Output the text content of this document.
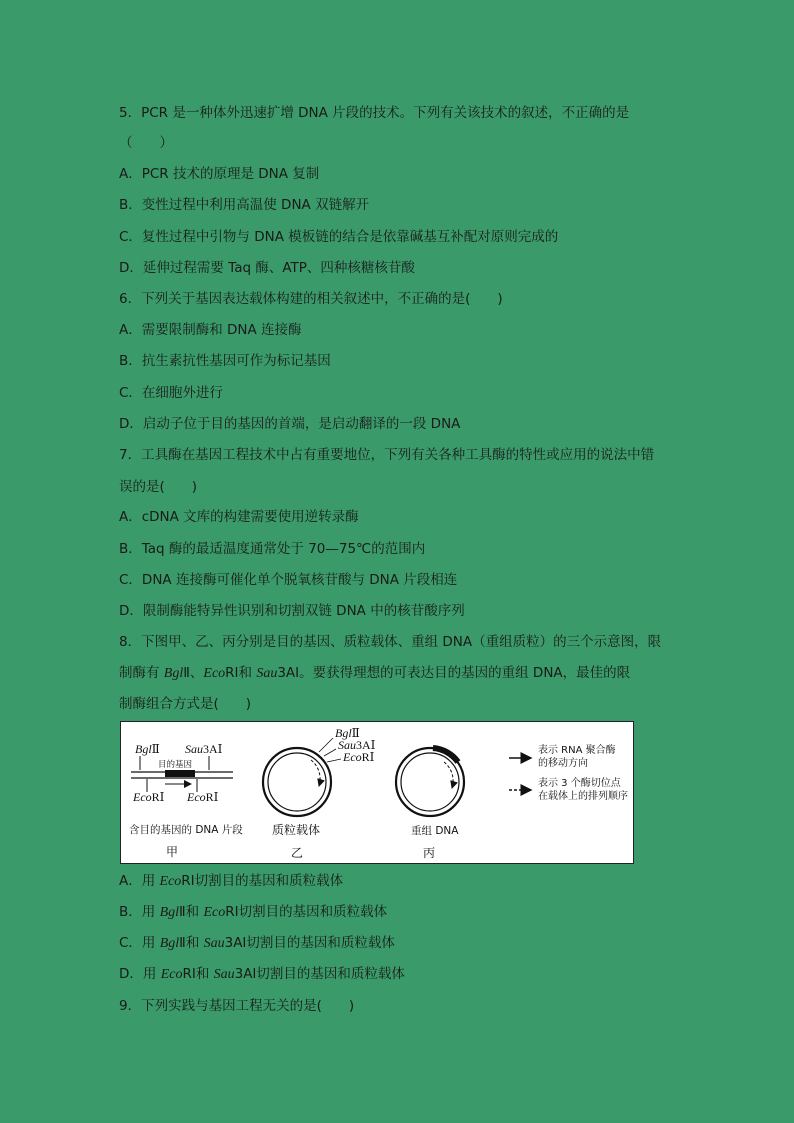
5．PCR 是一种体外迅速扩增 DNA 片段的技术。下列有关该技术的叙述，不正确的是
（　　）
A．PCR 技术的原理是 DNA 复制
B．变性过程中利用高温使 DNA 双链解开
C．复性过程中引物与 DNA 模板链的结合是依靠碱基互补配对原则完成的
D．延伸过程需要 Taq 酶、ATP、四种核糖核苷酸
6．下列关于基因表达载体构建的相关叙述中，不正确的是(　　)
A．需要限制酶和 DNA 连接酶
B．抗生素抗性基因可作为标记基因
C．在细胞外进行
D．启动子位于目的基因的首端，是启动翻译的一段 DNA
7．工具酶在基因工程技术中占有重要地位，下列有关各种工具酶的特性或应用的说法中错
误的是(　　)
A．cDNA 文库的构建需要使用逆转录酶
B．Taq 酶的最适温度通常处于 70—75℃的范围内
C．DNA 连接酶可催化单个脱氧核苷酸与 DNA 片段相连
D．限制酶能特异性识别和切割双链 DNA 中的核苷酸序列
8．下图甲、乙、丙分别是目的基因、质粒载体、重组 DNA（重组质粒）的三个示意图，限
制酶有 BglⅡ、EcoRⅠ和 Sau3AⅠ。要获得理想的可表达目的基因的重组 DNA，最佳的限
制酶组合方式是(　　)
BglⅡ Sau3AⅠ
目的基因
EcoRⅠ EcoRⅠ
含目的基因的 DNA 片段
甲
BglⅡ
Sau3AⅠ
EcoRⅠ
质粒载体
乙
重组 DNA
丙
表示 RNA 聚合酶
的移动方向
表示 3 个酶切位点
在载体上的排列顺序
A．用 EcoRⅠ切割目的基因和质粒载体
B．用 BglⅡ和 EcoRⅠ切割目的基因和质粒载体
C．用 BglⅡ和 Sau3AⅠ切割目的基因和质粒载体
D．用 EcoRⅠ和 Sau3AⅠ切割目的基因和质粒载体
9．下列实践与基因工程无关的是(　　)
